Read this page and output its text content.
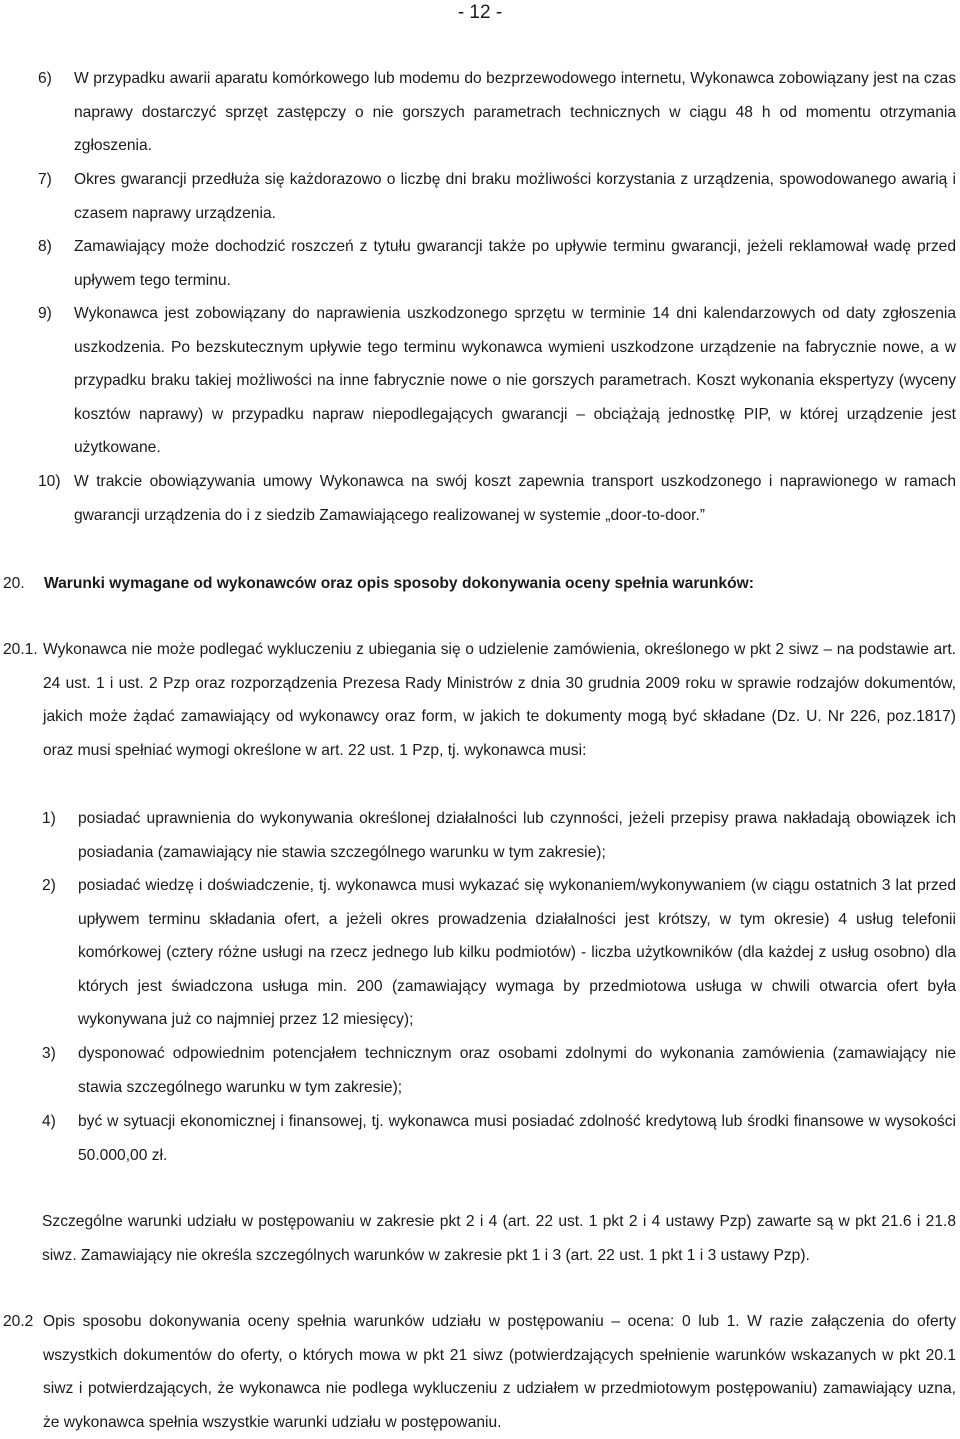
- 12 -
6) W przypadku awarii aparatu komórkowego lub modemu do bezprzewodowego internetu, Wykonawca zobowiązany jest na czas naprawy dostarczyć sprzęt zastępczy o nie gorszych parametrach technicznych w ciągu 48 h od momentu otrzymania zgłoszenia.
7) Okres gwarancji przedłuża się każdorazowo o liczbę dni braku możliwości korzystania z urządzenia, spowodowanego awarią i czasem naprawy urządzenia.
8) Zamawiający może dochodzić roszczeń z tytułu gwarancji także po upływie terminu gwarancji, jeżeli reklamował wadę przed upływem tego terminu.
9) Wykonawca jest zobowiązany do naprawienia uszkodzonego sprzętu w terminie 14 dni kalendarzowych od daty zgłoszenia uszkodzenia. Po bezskutecznym upływie tego terminu wykonawca wymieni uszkodzone urządzenie na fabrycznie nowe, a w przypadku braku takiej możliwości na inne fabrycznie nowe o nie gorszych parametrach. Koszt wykonania ekspertyzy (wyceny kosztów naprawy) w przypadku napraw niepodlegających gwarancji – obciążają jednostkę PIP, w której urządzenie jest użytkowane.
10) W trakcie obowiązywania umowy Wykonawca na swój koszt zapewnia transport uszkodzonego i naprawionego w ramach gwarancji urządzenia do i z siedzib Zamawiającego realizowanej w systemie „door-to-door.”
20. Warunki wymagane od wykonawców oraz opis sposoby dokonywania oceny spełnia warunków:
20.1. Wykonawca nie może podlegać wykluczeniu z ubiegania się o udzielenie zamówienia, określonego w pkt 2 siwz – na podstawie art. 24 ust. 1 i ust. 2 Pzp oraz rozporządzenia Prezesa Rady Ministrów z dnia 30 grudnia 2009 roku w sprawie rodzajów dokumentów, jakich może żądać zamawiający od wykonawcy oraz form, w jakich te dokumenty mogą być składane (Dz. U. Nr 226, poz.1817) oraz musi spełniać wymogi określone w art. 22 ust. 1 Pzp, tj. wykonawca musi:
1) posiadać uprawnienia do wykonywania określonej działalności lub czynności, jeżeli przepisy prawa nakładają obowiązek ich posiadania (zamawiający nie stawia szczególnego warunku w tym zakresie);
2) posiadać wiedzę i doświadczenie, tj. wykonawca musi wykazać się wykonaniem/wykonywaniem (w ciągu ostatnich 3 lat przed upływem terminu składania ofert, a jeżeli okres prowadzenia działalności jest krótszy, w tym okresie) 4 usług telefonii komórkowej (cztery różne usługi na rzecz jednego lub kilku podmiotów) - liczba użytkowników (dla każdej z usług osobno) dla których jest świadczona usługa min. 200 (zamawiający wymaga by przedmiotowa usługa w chwili otwarcia ofert była wykonywana już co najmniej przez 12 miesięcy);
3) dysponować odpowiednim potencjałem technicznym oraz osobami zdolnymi do wykonania zamówienia (zamawiający nie stawia szczególnego warunku w tym zakresie);
4) być w sytuacji ekonomicznej i finansowej, tj. wykonawca musi posiadać zdolność kredytową lub środki finansowe w wysokości 50.000,00 zł.
Szczególne warunki udziału w postępowaniu w zakresie pkt 2 i 4 (art. 22 ust. 1 pkt 2 i 4 ustawy Pzp) zawarte są w pkt 21.6 i 21.8 siwz. Zamawiający nie określa szczególnych warunków w zakresie pkt 1 i 3 (art. 22 ust. 1 pkt 1 i 3 ustawy Pzp).
20.2 Opis sposobu dokonywania oceny spełnia warunków udziału w postępowaniu – ocena: 0 lub 1. W razie załączenia do oferty wszystkich dokumentów do oferty, o których mowa w pkt 21 siwz (potwierdzających spełnienie warunków wskazanych w pkt 20.1 siwz i potwierdzających, że wykonawca nie podlega wykluczeniu z udziałem w przedmiotowym postępowaniu) zamawiający uzna, że wykonawca spełnia wszystkie warunki udziału w postępowaniu.
